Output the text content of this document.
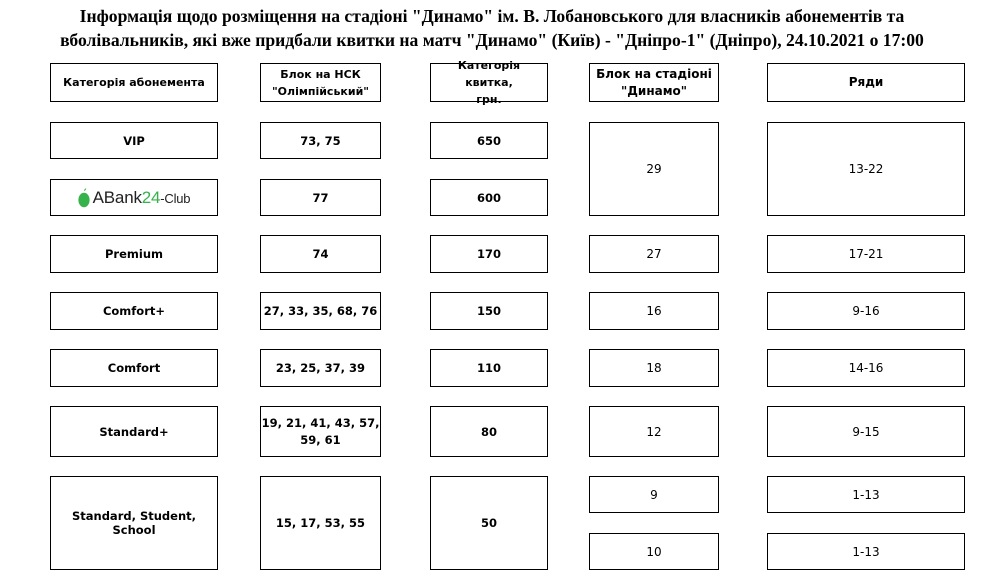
Інформація щодо розміщення на стадіоні "Динамо" ім. В. Лобановського для власників абонементів та
вболівальників, які вже придбали квитки на матч "Динамо" (Київ) - "Дніпро-1" (Дніпро), 24.10.2021 о 17:00
Категорія абонемента
Блок на НСК
"Олімпійський"
Категорія квитка,
грн.
Блок на стадіоні
"Динамо"
Ряди
VIP
ABank24-Club
Premium
Comfort+
Comfort
Standard+
Standard, Student, School
73, 75
77
74
27, 33, 35, 68, 76
23, 25, 37, 39
19, 21, 41, 43, 57,
59, 61
15, 17, 53, 55
650
600
170
150
110
80
50
29
27
16
18
12
9
10
13-22
17-21
9-16
14-16
9-15
1-13
1-13
